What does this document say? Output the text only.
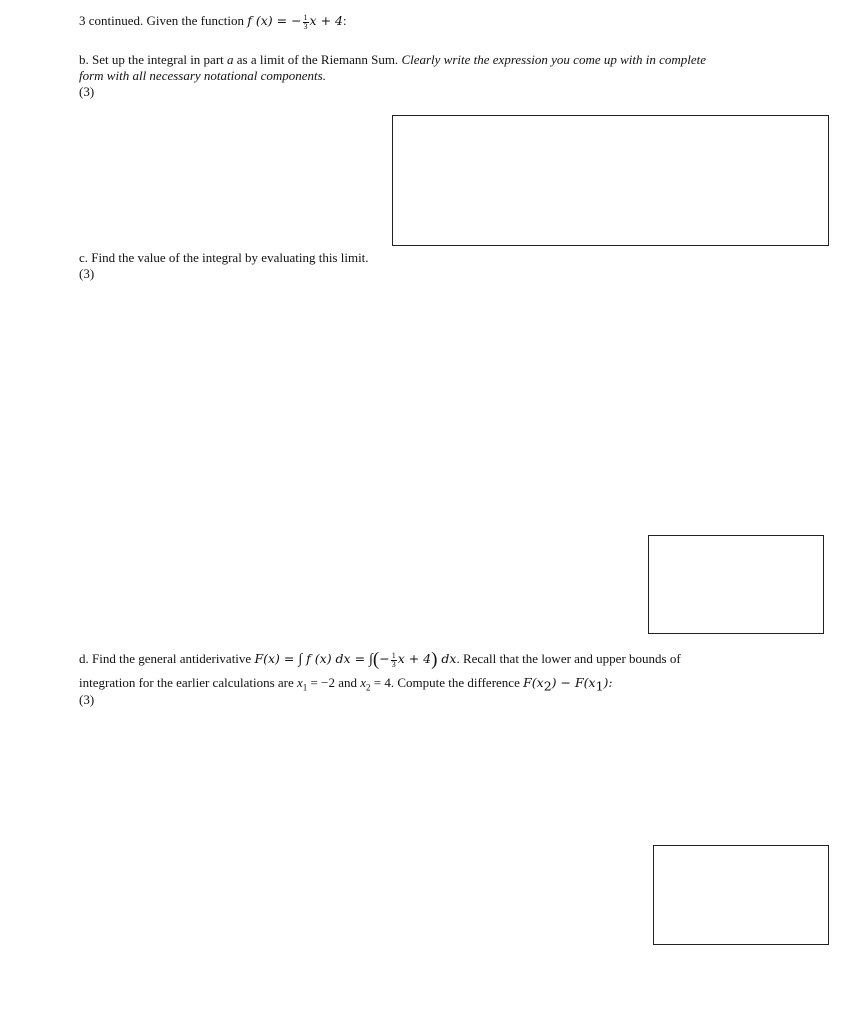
3 continued. Given the function f (x) = − $\frac{1}{3}$ x + 4:
b. Set up the integral in part a as a limit of the Riemann Sum. Clearly write the expression you come up with in complete
form with all necessary notational components.
(3)
c. Find the value of the integral by evaluating this limit.
(3)
d. Find the general antiderivative F(x) = ∫ f (x) dx = ∫(− $\frac{1}{3}$ x + 4) dx. Recall that the lower and upper bounds of
integration for the earlier calculations are $x_1 = -2$ and $x_2 = 4$. Compute the difference $F(x_2) - F(x_1)$:
(3)
